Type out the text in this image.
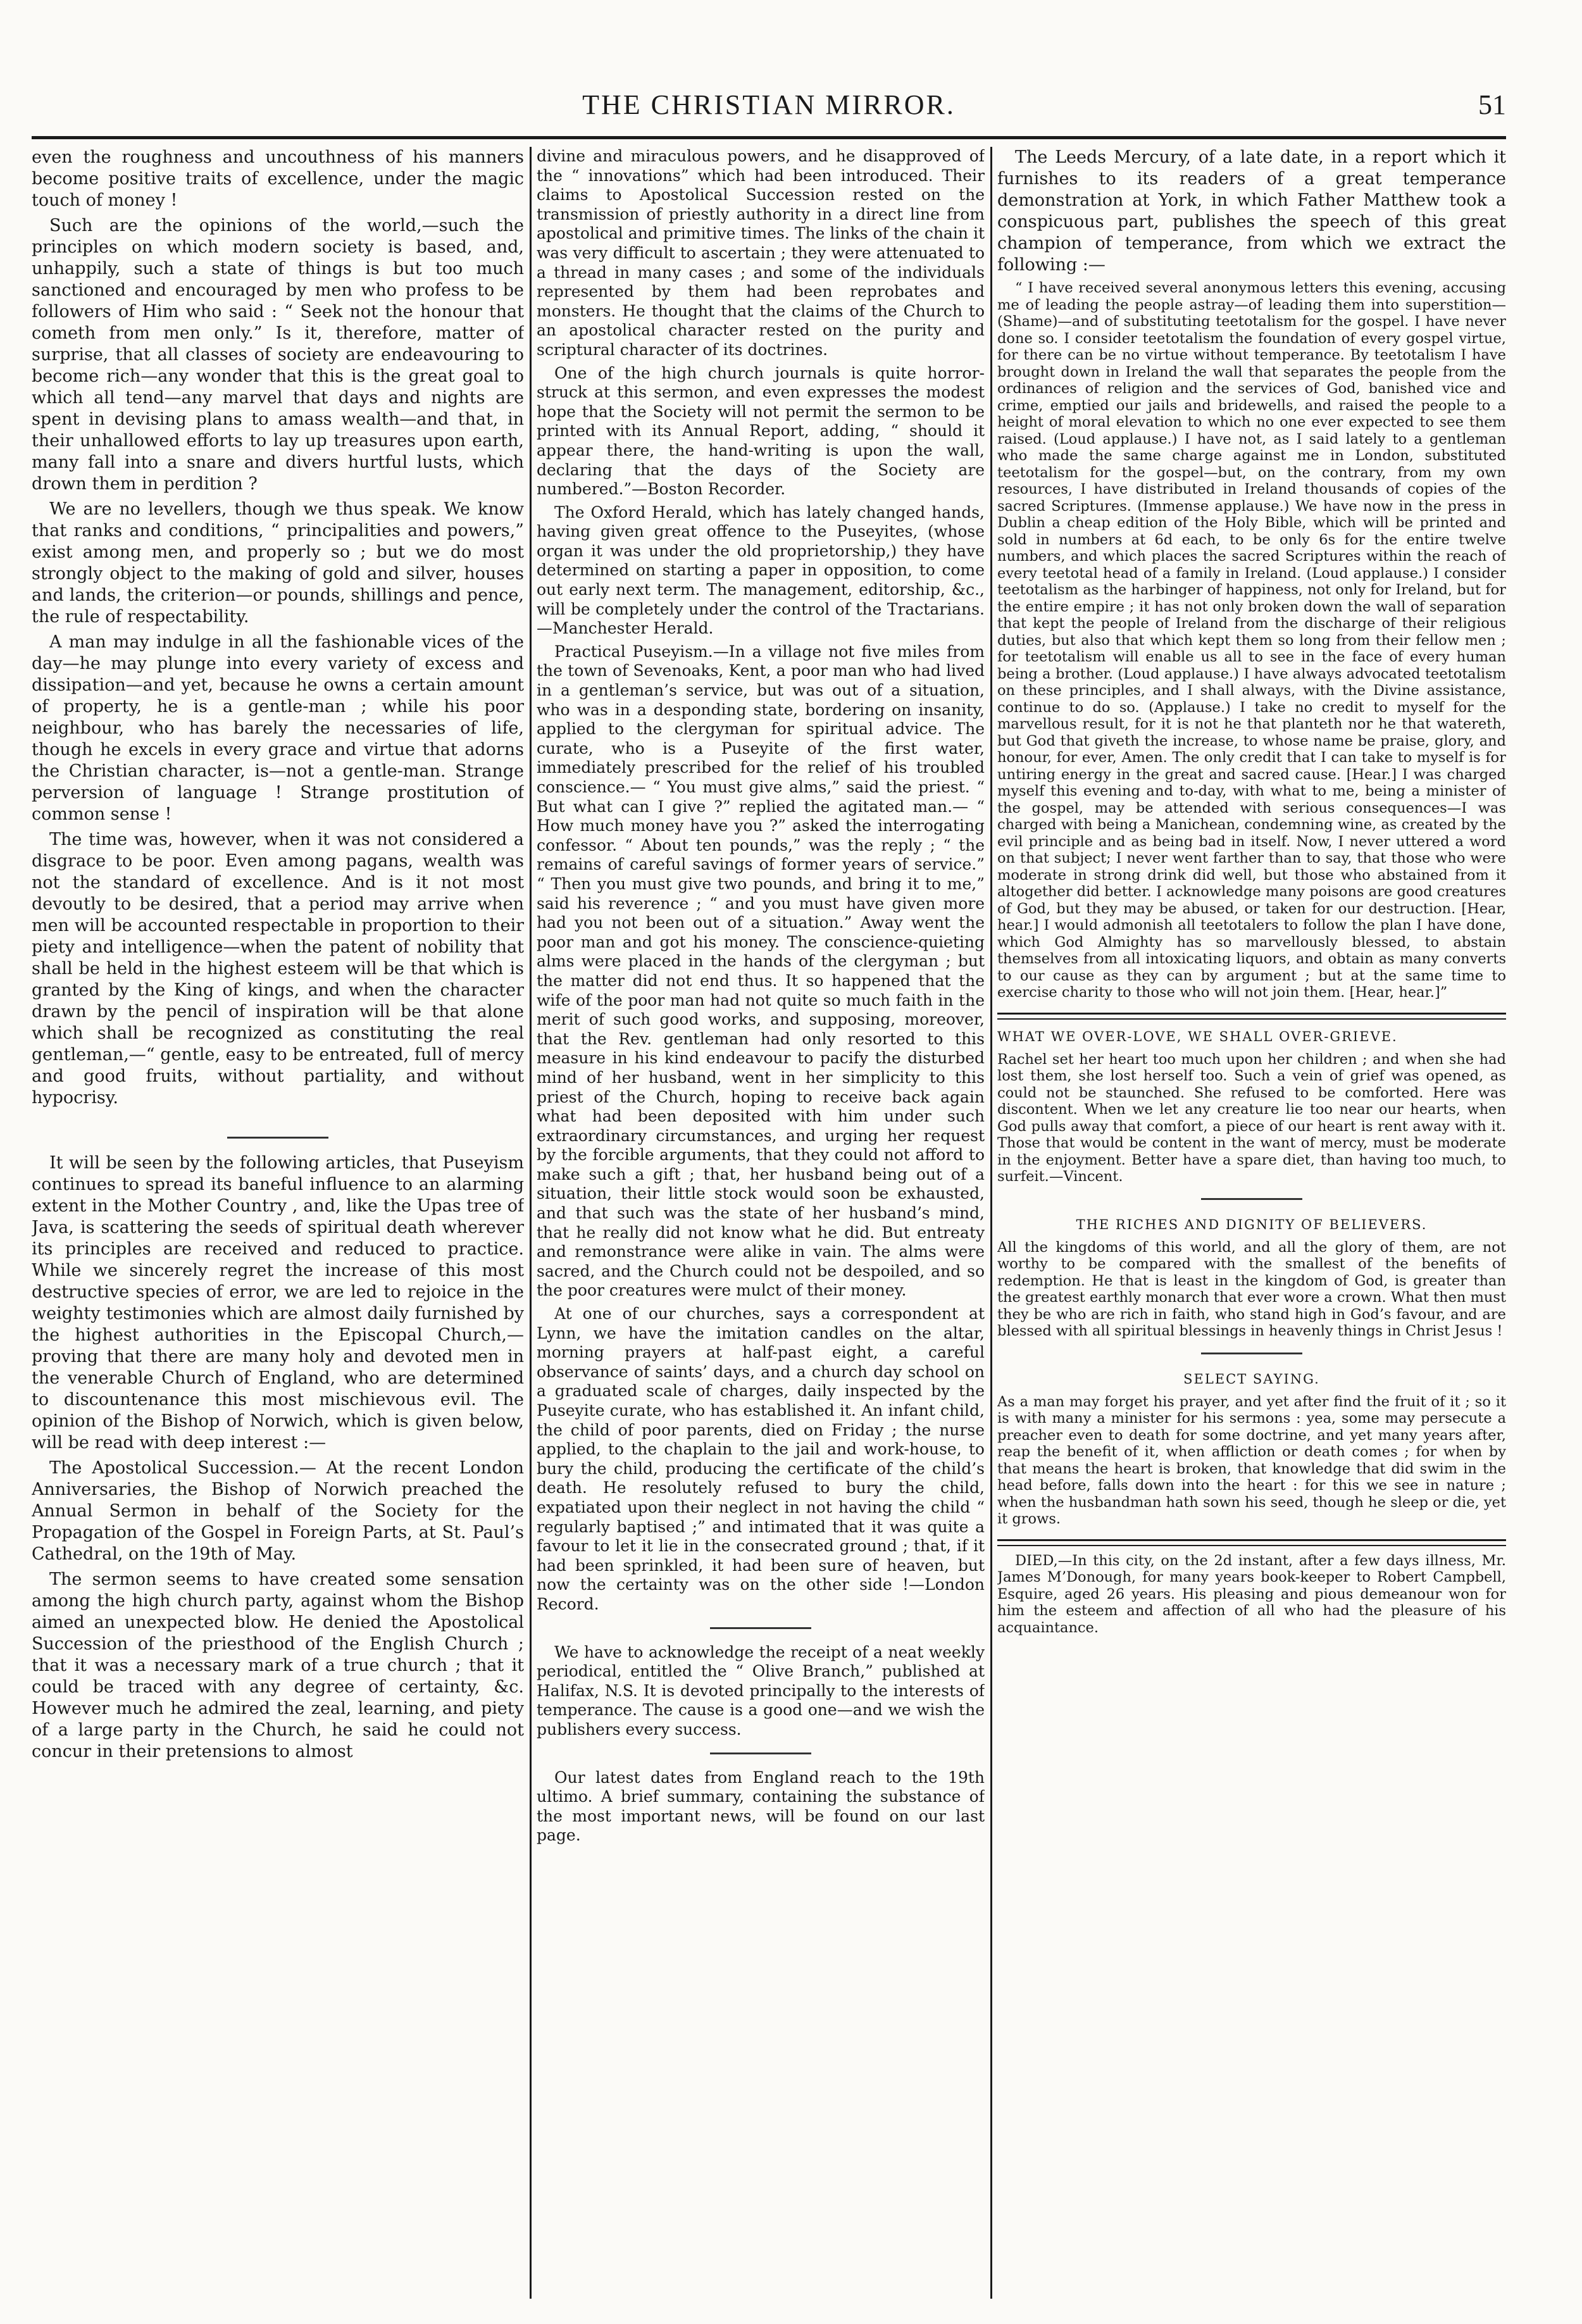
THE CHRISTIAN MIRROR.	51

even the roughness and uncouthness of his manners become positive traits of excellence, under the magic touch of money !

Such are the opinions of the world,—such the principles on which modern society is based, and, unhappily, such a state of things is but too much sanctioned and encouraged by men who profess to be followers of Him who said : “ Seek not the honour that cometh from men only.” Is it, therefore, matter of surprise, that all classes of society are endeavouring to become rich—any wonder that this is the great goal to which all tend—any marvel that days and nights are spent in devising plans to amass wealth—and that, in their unhallowed efforts to lay up treasures upon earth, many fall into a snare and divers hurtful lusts, which drown them in perdition ?

We are no levellers, though we thus speak. We know that ranks and conditions, “ principalities and powers,” exist among men, and properly so ; but we do most strongly object to the making of gold and silver, houses and lands, the criterion—or pounds, shillings and pence, the rule of respectability.

A man may indulge in all the fashionable vices of the day—he may plunge into every variety of excess and dissipation—and yet, because he owns a certain amount of property, he is a gentle-man ; while his poor neighbour, who has barely the necessaries of life, though he excels in every grace and virtue that adorns the Christian character, is—not a gentle-man. Strange perversion of language ! Strange prostitution of common sense !

The time was, however, when it was not considered a disgrace to be poor. Even among pagans, wealth was not the standard of excellence. And is it not most devoutly to be desired, that a period may arrive when men will be accounted respectable in proportion to their piety and intelligence—when the patent of nobility that shall be held in the highest esteem will be that which is granted by the King of kings, and when the character drawn by the pencil of inspiration will be that alone which shall be recognized as constituting the real gentleman,—“ gentle, easy to be entreated, full of mercy and good fruits, without partiality, and without hypocrisy.

It will be seen by the following articles, that Puseyism continues to spread its baneful influence to an alarming extent in the Mother Country , and, like the Upas tree of Java, is scattering the seeds of spiritual death wherever its principles are received and reduced to practice. While we sincerely regret the increase of this most destructive species of error, we are led to rejoice in the weighty testimonies which are almost daily furnished by the highest authorities in the Episcopal Church,— proving that there are many holy and devoted men in the venerable Church of England, who are determined to discountenance this most mischievous evil. The opinion of the Bishop of Norwich, which is given below, will be read with deep interest :—

The Apostolical Succession.— At the recent London Anniversaries, the Bishop of Norwich preached the Annual Sermon in behalf of the Society for the Propagation of the Gospel in Foreign Parts, at St. Paul’s Cathedral, on the 19th of May.

The sermon seems to have created some sensation among the high church party, against whom the Bishop aimed an unexpected blow. He denied the Apostolical Succession of the priesthood of the English Church ; that it was a necessary mark of a true church ; that it could be traced with any degree of certainty, &c. However much he admired the zeal, learning, and piety of a large party in the Church, he said he could not concur in their pretensions to almost

divine and miraculous powers, and he disapproved of the “ innovations” which had been introduced. Their claims to Apostolical Succession rested on the transmission of priestly authority in a direct line from apostolical and primitive times. The links of the chain it was very difficult to ascertain ; they were attenuated to a thread in many cases ; and some of the individuals represented by them had been reprobates and monsters. He thought that the claims of the Church to an apostolical character rested on the purity and scriptural character of its doctrines.

One of the high church journals is quite horror-struck at this sermon, and even expresses the modest hope that the Society will not permit the sermon to be printed with its Annual Report, adding, “ should it appear there, the hand-writing is upon the wall, declaring that the days of the Society are numbered.”—Boston Recorder.

The Oxford Herald, which has lately changed hands, having given great offence to the Puseyites, (whose organ it was under the old proprietorship,) they have determined on starting a paper in opposition, to come out early next term. The management, editorship, &c., will be completely under the control of the Tractarians. —Manchester Herald.

Practical Puseyism.—In a village not five miles from the town of Sevenoaks, Kent, a poor man who had lived in a gentleman’s service, but was out of a situation, who was in a desponding state, bordering on insanity, applied to the clergyman for spiritual advice. The curate, who is a Puseyite of the first water, immediately prescribed for the relief of his troubled conscience.— “ You must give alms,” said the priest. “ But what can I give ?” replied the agitated man.— “ How much money have you ?” asked the interrogating confessor. “ About ten pounds,” was the reply ; “ the remains of careful savings of former years of service.” “ Then you must give two pounds, and bring it to me,” said his reverence ; “ and you must have given more had you not been out of a situation.” Away went the poor man and got his money. The conscience-quieting alms were placed in the hands of the clergyman ; but the matter did not end thus. It so happened that the wife of the poor man had not quite so much faith in the merit of such good works, and supposing, moreover, that the Rev. gentleman had only resorted to this measure in his kind endeavour to pacify the disturbed mind of her husband, went in her simplicity to this priest of the Church, hoping to receive back again what had been deposited with him under such extraordinary circumstances, and urging her request by the forcible arguments, that they could not afford to make such a gift ; that, her husband being out of a situation, their little stock would soon be exhausted, and that such was the state of her husband’s mind, that he really did not know what he did. But entreaty and remonstrance were alike in vain. The alms were sacred, and the Church could not be despoiled, and so the poor creatures were mulct of their money.

At one of our churches, says a correspondent at Lynn, we have the imitation candles on the altar, morning prayers at half-past eight, a careful observance of saints’ days, and a church day school on a graduated scale of charges, daily inspected by the Puseyite curate, who has established it. An infant child, the child of poor parents, died on Friday ; the nurse applied, to the chaplain to the jail and work-house, to bury the child, producing the certificate of the child’s death. He resolutely refused to bury the child, expatiated upon their neglect in not having the child “ regularly baptised ;” and intimated that it was quite a favour to let it lie in the consecrated ground ; that, if it had been sprinkled, it had been sure of heaven, but now the certainty was on the other side !—London Record.

We have to acknowledge the receipt of a neat weekly periodical, entitled the “ Olive Branch,” published at Halifax, N.S. It is devoted principally to the interests of temperance. The cause is a good one—and we wish the publishers every success.

Our latest dates from England reach to the 19th ultimo. A brief summary, containing the substance of the most important news, will be found on our last page.

The Leeds Mercury, of a late date, in a report which it furnishes to its readers of a great temperance demonstration at York, in which Father Matthew took a conspicuous part, publishes the speech of this great champion of temperance, from which we extract the following :—

“ I have received several anonymous letters this evening, accusing me of leading the people astray—of leading them into superstition—(Shame)—and of substituting teetotalism for the gospel. I have never done so. I consider teetotalism the foundation of every gospel virtue, for there can be no virtue without temperance. By teetotalism I have brought down in Ireland the wall that separates the people from the ordinances of religion and the services of God, banished vice and crime, emptied our jails and bridewells, and raised the people to a height of moral elevation to which no one ever expected to see them raised. (Loud applause.) I have not, as I said lately to a gentleman who made the same charge against me in London, substituted teetotalism for the gospel—but, on the contrary, from my own resources, I have distributed in Ireland thousands of copies of the sacred Scriptures. (Immense applause.) We have now in the press in Dublin a cheap edition of the Holy Bible, which will be printed and sold in numbers at 6d each, to be only 6s for the entire twelve numbers, and which places the sacred Scriptures within the reach of every teetotal head of a family in Ireland. (Loud applause.) I consider teetotalism as the harbinger of happiness, not only for Ireland, but for the entire empire ; it has not only broken down the wall of separation that kept the people of Ireland from the discharge of their religious duties, but also that which kept them so long from their fellow men ; for teetotalism will enable us all to see in the face of every human being a brother. (Loud applause.) I have always advocated teetotalism on these principles, and I shall always, with the Divine assistance, continue to do so. (Applause.) I take no credit to myself for the marvellous result, for it is not he that planteth nor he that watereth, but God that giveth the increase, to whose name be praise, glory, and honour, for ever, Amen. The only credit that I can take to myself is for untiring energy in the great and sacred cause. [Hear.] I was charged myself this evening and to-day, with what to me, being a minister of the gospel, may be attended with serious consequences—I was charged with being a Manichean, condemning wine, as created by the evil principle and as being bad in itself. Now, I never uttered a word on that subject; I never went farther than to say, that those who were moderate in strong drink did well, but those who abstained from it altogether did better. I acknowledge many poisons are good creatures of God, but they may be abused, or taken for our destruction. [Hear, hear.] I would admonish all teetotalers to follow the plan I have done, which God Almighty has so marvellously blessed, to abstain themselves from all intoxicating liquors, and obtain as many converts to our cause as they can by argument ; but at the same time to exercise charity to those who will not join them. [Hear, hear.]”

WHAT WE OVER-LOVE, WE SHALL OVER-GRIEVE.

Rachel set her heart too much upon her children ; and when she had lost them, she lost herself too. Such a vein of grief was opened, as could not be staunched. She refused to be comforted. Here was discontent. When we let any creature lie too near our hearts, when God pulls away that comfort, a piece of our heart is rent away with it. Those that would be content in the want of mercy, must be moderate in the enjoyment. Better have a spare diet, than having too much, to surfeit.—Vincent.

THE RICHES AND DIGNITY OF BELIEVERS.

All the kingdoms of this world, and all the glory of them, are not worthy to be compared with the smallest of the benefits of redemption. He that is least in the kingdom of God, is greater than the greatest earthly monarch that ever wore a crown. What then must they be who are rich in faith, who stand high in God’s favour, and are blessed with all spiritual blessings in heavenly things in Christ Jesus !

SELECT SAYING.

As a man may forget his prayer, and yet after find the fruit of it ; so it is with many a minister for his sermons : yea, some may persecute a preacher even to death for some doctrine, and yet many years after, reap the benefit of it, when affliction or death comes ; for when by that means the heart is broken, that knowledge that did swim in the head before, falls down into the heart : for this we see in nature ; when the husbandman hath sown his seed, though he sleep or die, yet it grows.

DIED,—In this city, on the 2d instant, after a few days illness, Mr. James M’Donough, for many years book-keeper to Robert Campbell, Esquire, aged 26 years. His pleasing and pious demeanour won for him the esteem and affection of all who had the pleasure of his acquaintance.
